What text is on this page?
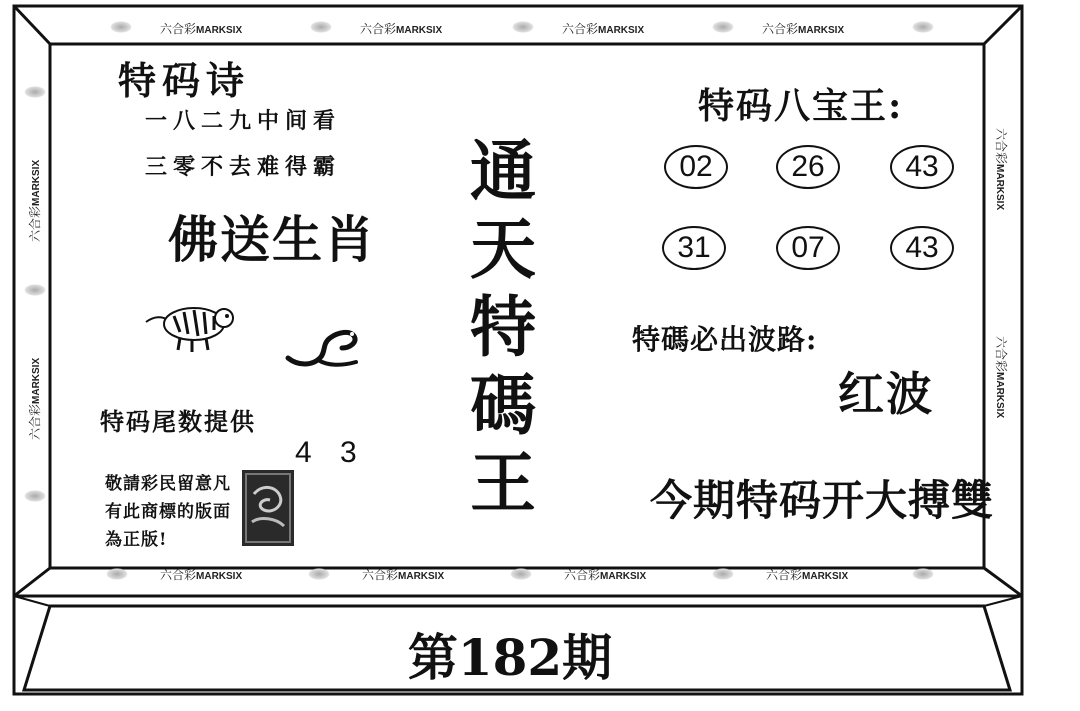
六合彩MARKSIX	六合彩MARKSIX	六合彩MARKSIX	六合彩MARKSIX
六合彩MARKSIX	六合彩MARKSIX	六合彩MARKSIX	六合彩MARKSIX
六合彩MARKSIX
六合彩MARKSIX
六合彩MARKSIX
六合彩MARKSIX
特码诗
一八二九中间看
三零不去难得霸
佛送生肖
特码尾数提供
4 3
敬請彩民留意凡有此商標的版面為正版!
通
天
特
碼
王
特码八宝王:
02	26	43
31	07	43
特碼必出波路:
红波
今期特码开大搏雙
第182期
